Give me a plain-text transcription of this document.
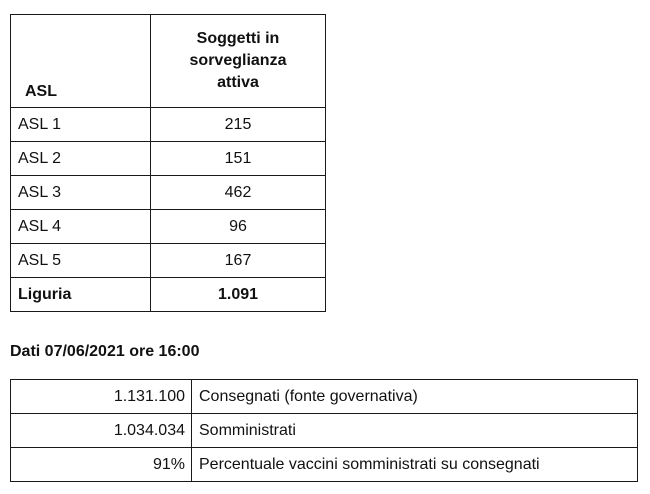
ASL	Soggetti in
sorveglianza
attiva
ASL 1	215
ASL 2	151
ASL 3	462
ASL 4	96
ASL 5	167
Liguria	1.091

Dati 07/06/2021 ore 16:00

1.131.100	Consegnati (fonte governativa)
1.034.034	Somministrati
91%	Percentuale vaccini somministrati su consegnati
